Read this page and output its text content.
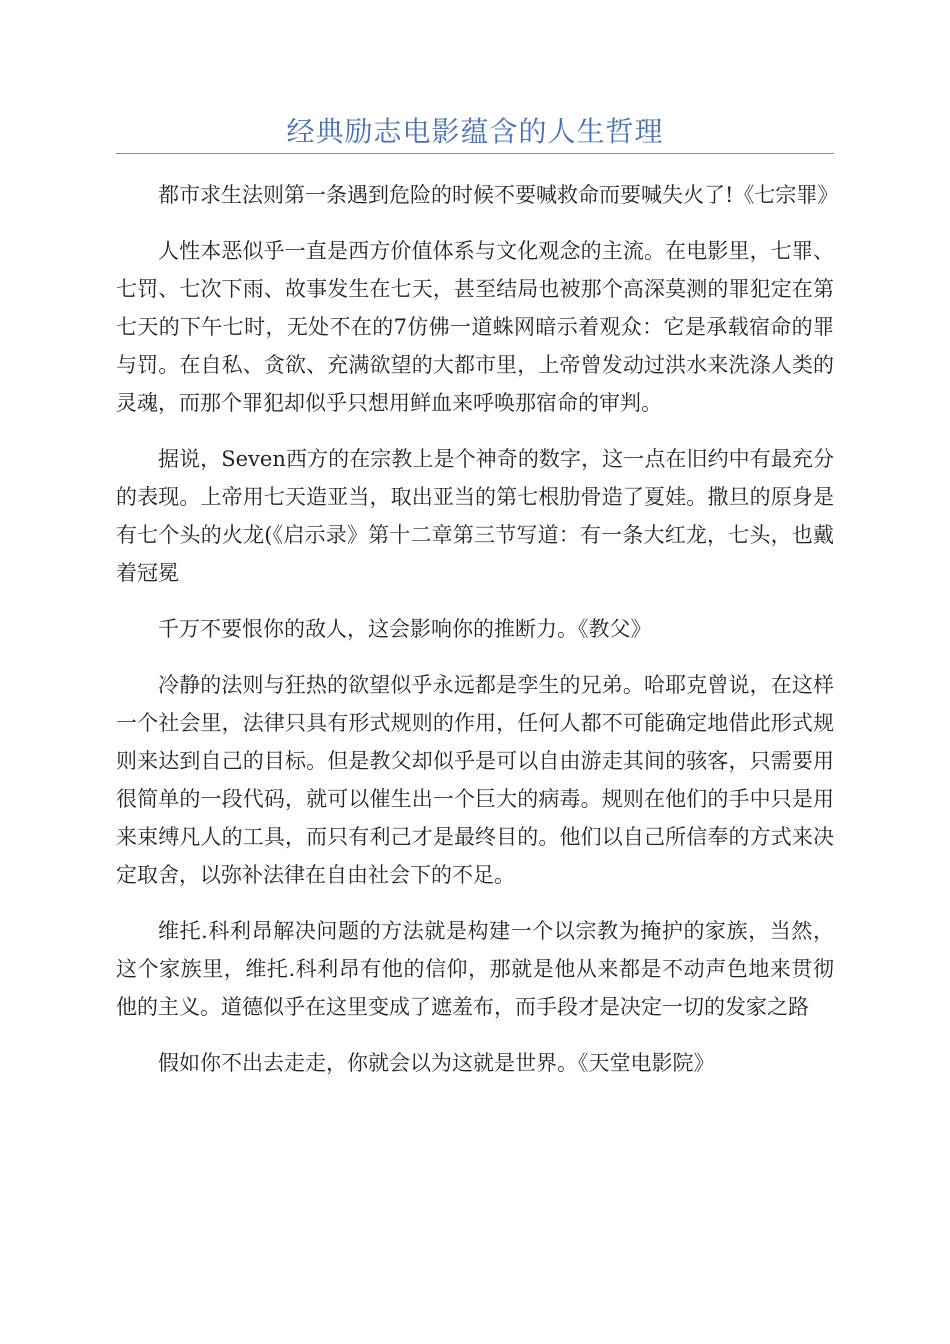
经典励志电影蕴含的人生哲理

都市求生法则第一条遇到危险的时候不要喊救命而要喊失火了!《七宗罪》

人性本恶似乎一直是西方价值体系与文化观念的主流。在电影里，七罪、七罚、七次下雨、故事发生在七天，甚至结局也被那个高深莫测的罪犯定在第七天的下午七时，无处不在的7仿佛一道蛛网暗示着观众：它是承载宿命的罪与罚。在自私、贪欲、充满欲望的大都市里，上帝曾发动过洪水来洗涤人类的灵魂，而那个罪犯却似乎只想用鲜血来呼唤那宿命的审判。

据说，Seven西方的在宗教上是个神奇的数字，这一点在旧约中有最充分的表现。上帝用七天造亚当，取出亚当的第七根肋骨造了夏娃。撒旦的原身是有七个头的火龙(《启示录》第十二章第三节写道：有一条大红龙，七头，也戴着冠冕

千万不要恨你的敌人，这会影响你的推断力。《教父》

冷静的法则与狂热的欲望似乎永远都是孪生的兄弟。哈耶克曾说，在这样一个社会里，法律只具有形式规则的作用，任何人都不可能确定地借此形式规则来达到自己的目标。但是教父却似乎是可以自由游走其间的骇客，只需要用很简单的一段代码，就可以催生出一个巨大的病毒。规则在他们的手中只是用来束缚凡人的工具，而只有利己才是最终目的。他们以自己所信奉的方式来决定取舍，以弥补法律在自由社会下的不足。

维托.科利昂解决问题的方法就是构建一个以宗教为掩护的家族，当然，这个家族里，维托.科利昂有他的信仰，那就是他从来都是不动声色地来贯彻他的主义。道德似乎在这里变成了遮羞布，而手段才是决定一切的发家之路

假如你不出去走走，你就会以为这就是世界。《天堂电影院》
